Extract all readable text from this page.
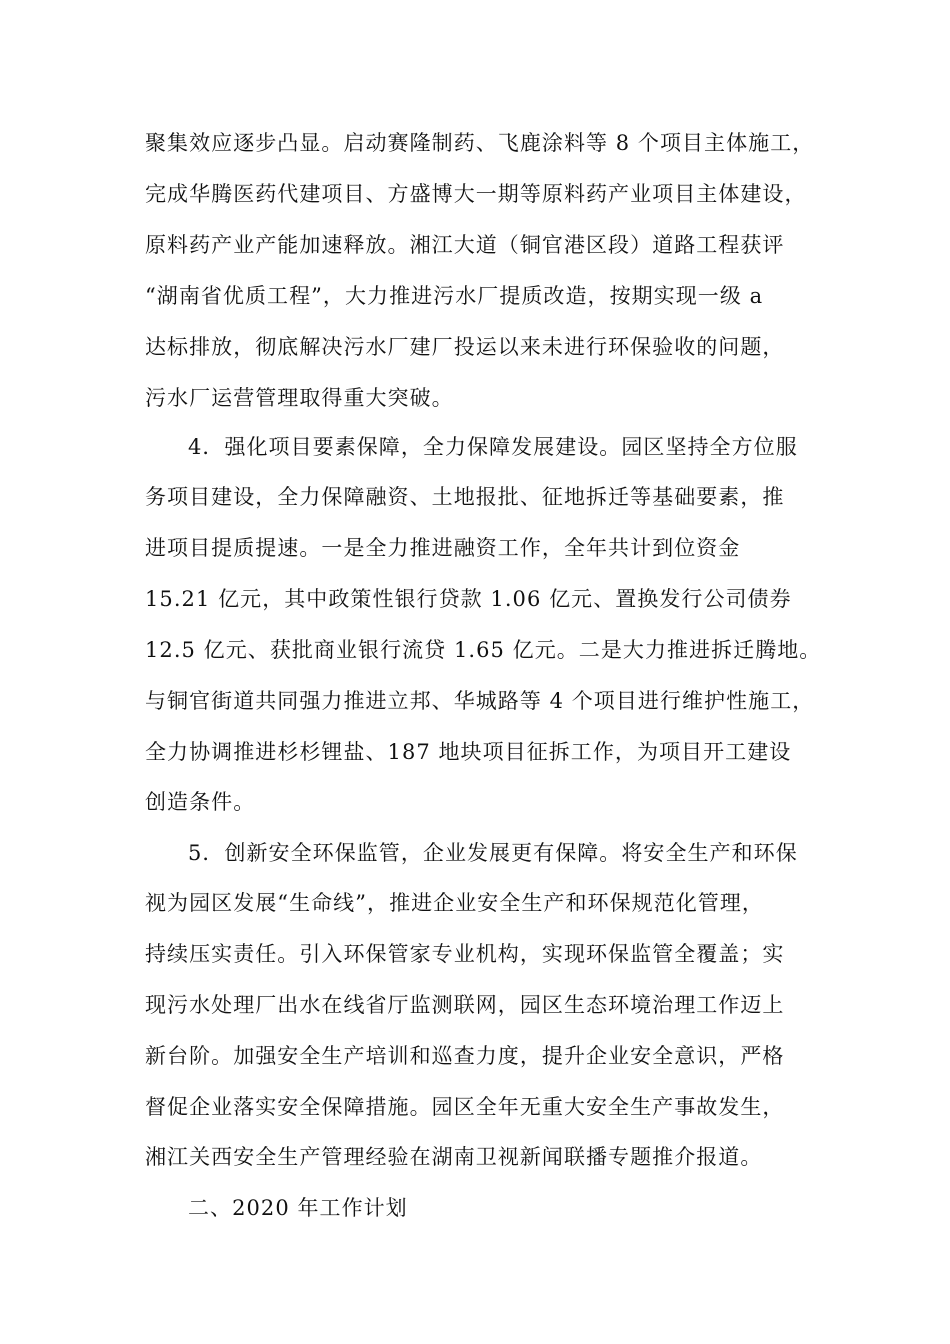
聚集效应逐步凸显。启动赛隆制药、飞鹿涂料等 8 个项目主体施工，
完成华腾医药代建项目、方盛博大一期等原料药产业项目主体建设，
原料药产业产能加速释放。湘江大道（铜官港区段）道路工程获评
“湖南省优质工程”，大力推进污水厂提质改造，按期实现一级 a
达标排放，彻底解决污水厂建厂投运以来未进行环保验收的问题，
污水厂运营管理取得重大突破。
4．强化项目要素保障，全力保障发展建设。园区坚持全方位服
务项目建设，全力保障融资、土地报批、征地拆迁等基础要素，推
进项目提质提速。一是全力推进融资工作，全年共计到位资金
15.21 亿元，其中政策性银行贷款 1.06 亿元、置换发行公司债券
12.5 亿元、获批商业银行流贷 1.65 亿元。二是大力推进拆迁腾地。
与铜官街道共同强力推进立邦、华城路等 4 个项目进行维护性施工，
全力协调推进杉杉锂盐、187 地块项目征拆工作，为项目开工建设
创造条件。
5．创新安全环保监管，企业发展更有保障。将安全生产和环保
视为园区发展“生命线”，推进企业安全生产和环保规范化管理，
持续压实责任。引入环保管家专业机构，实现环保监管全覆盖；实
现污水处理厂出水在线省厅监测联网，园区生态环境治理工作迈上
新台阶。加强安全生产培训和巡查力度，提升企业安全意识，严格
督促企业落实安全保障措施。园区全年无重大安全生产事故发生，
湘江关西安全生产管理经验在湖南卫视新闻联播专题推介报道。
二、2020 年工作计划
